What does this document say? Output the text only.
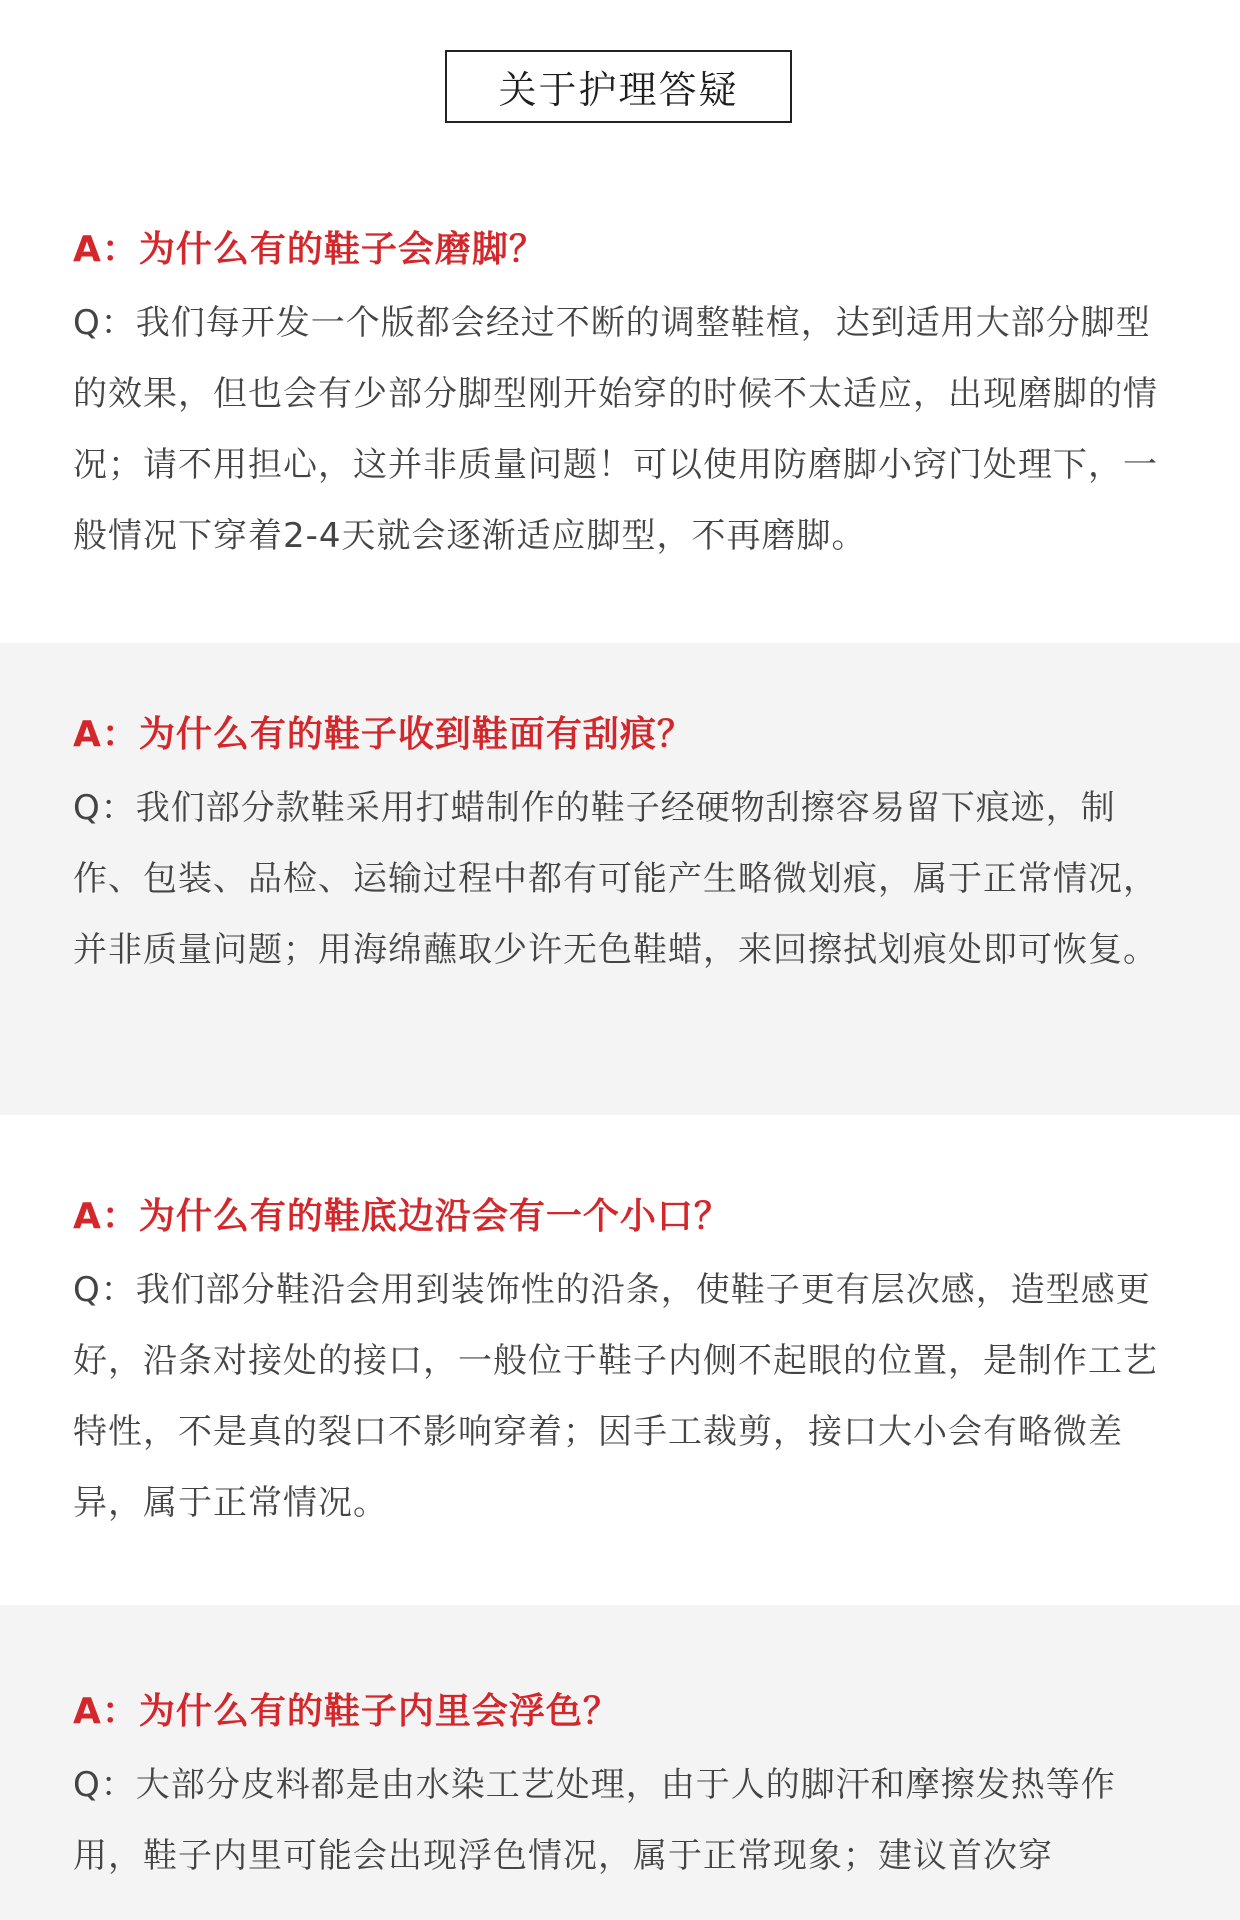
关于护理答疑
A：为什么有的鞋子会磨脚？
Q：我们每开发一个版都会经过不断的调整鞋楦，达到适用大部分脚型的效果，但也会有少部分脚型刚开始穿的时候不太适应，出现磨脚的情况；请不用担心，这并非质量问题！可以使用防磨脚小窍门处理下，一般情况下穿着2-4天就会逐渐适应脚型，不再磨脚。
A：为什么有的鞋子收到鞋面有刮痕？
Q：我们部分款鞋采用打蜡制作的鞋子经硬物刮擦容易留下痕迹，制作、包装、品检、运输过程中都有可能产生略微划痕，属于正常情况，并非质量问题；用海绵蘸取少许无色鞋蜡，来回擦拭划痕处即可恢复。
A：为什么有的鞋底边沿会有一个小口？
Q：我们部分鞋沿会用到装饰性的沿条，使鞋子更有层次感，造型感更好，沿条对接处的接口，一般位于鞋子内侧不起眼的位置，是制作工艺特性，不是真的裂口不影响穿着；因手工裁剪，接口大小会有略微差异，属于正常情况。
A：为什么有的鞋子内里会浮色？
Q：大部分皮料都是由水染工艺处理，由于人的脚汗和摩擦发热等作用，鞋子内里可能会出现浮色情况，属于正常现象；建议首次穿
